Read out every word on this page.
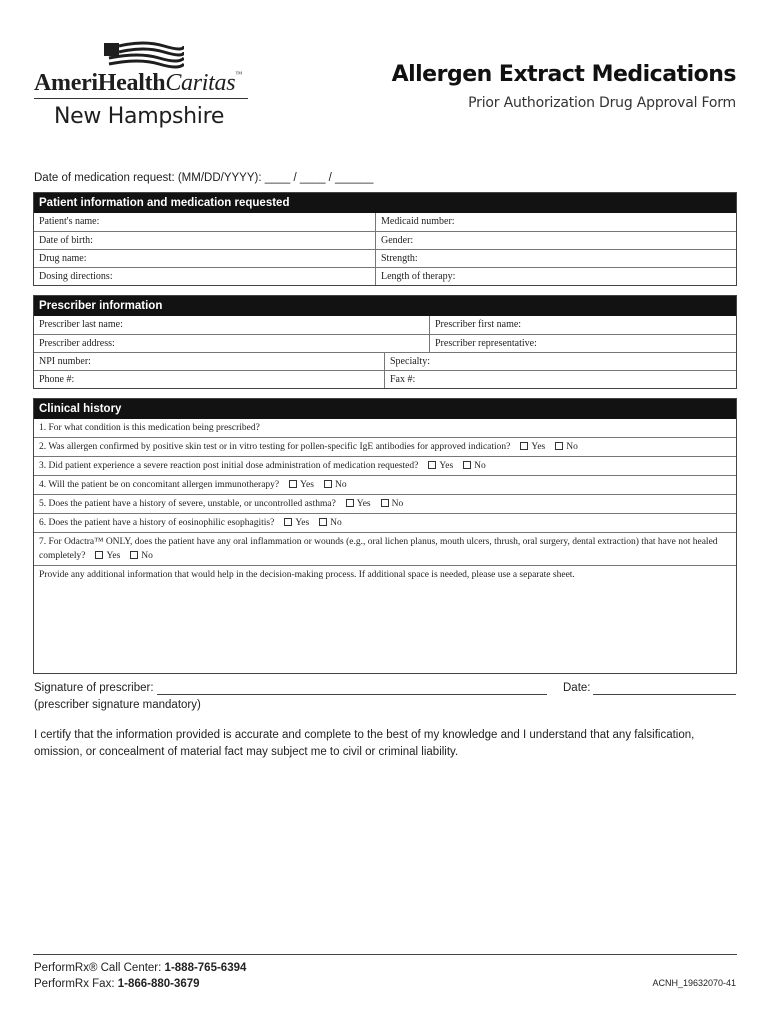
AmeriHealthCaritas™
New Hampshire
Allergen Extract Medications
Prior Authorization Drug Approval Form
Date of medication request: (MM/DD/YYYY): ____ / ____ / ______
Patient information and medication requested
Patient's name:	Medicaid number:
Date of birth:	Gender:
Drug name:	Strength:
Dosing directions:	Length of therapy:
Prescriber information
Prescriber last name:	Prescriber first name:
Prescriber address:	Prescriber representative:
NPI number:	Specialty:
Phone #:	Fax #:
Clinical history
1. For what condition is this medication being prescribed?
2. Was allergen confirmed by positive skin test or in vitro testing for pollen-specific IgE antibodies for approved indication? Yes No
3. Did patient experience a severe reaction post initial dose administration of medication requested? Yes No
4. Will the patient be on concomitant allergen immunotherapy? Yes No
5. Does the patient have a history of severe, unstable, or uncontrolled asthma? Yes No
6. Does the patient have a history of eosinophilic esophagitis? Yes No
7. For Odactra™ ONLY, does the patient have any oral inflammation or wounds (e.g., oral lichen planus, mouth ulcers, thrush, oral surgery, dental extraction) that have not healed completely? Yes No
Provide any additional information that would help in the decision-making process. If additional space is needed, please use a separate sheet.
Signature of prescriber:
(prescriber signature mandatory)
Date:
I certify that the information provided is accurate and complete to the best of my knowledge and I understand that any falsification, omission, or concealment of material fact may subject me to civil or criminal liability.
PerformRx® Call Center: 1-888-765-6394
PerformRx Fax: 1-866-880-3679	ACNH_19632070-41
